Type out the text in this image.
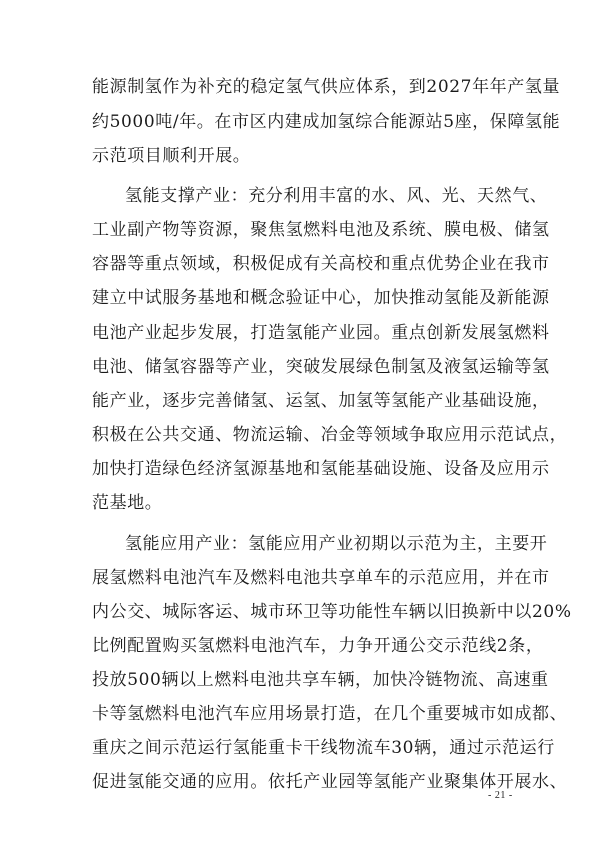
能源制氢作为补充的稳定氢气供应体系，到2027年年产氢量
约5000吨/年。在市区内建成加氢综合能源站5座，保障氢能
示范项目顺利开展。
氢能支撑产业：充分利用丰富的水、风、光、天然气、
工业副产物等资源，聚焦氢燃料电池及系统、膜电极、储氢
容器等重点领域，积极促成有关高校和重点优势企业在我市
建立中试服务基地和概念验证中心，加快推动氢能及新能源
电池产业起步发展，打造氢能产业园。重点创新发展氢燃料
电池、储氢容器等产业，突破发展绿色制氢及液氢运输等氢
能产业，逐步完善储氢、运氢、加氢等氢能产业基础设施，
积极在公共交通、物流运输、冶金等领域争取应用示范试点，
加快打造绿色经济氢源基地和氢能基础设施、设备及应用示
范基地。
氢能应用产业：氢能应用产业初期以示范为主，主要开
展氢燃料电池汽车及燃料电池共享单车的示范应用，并在市
内公交、城际客运、城市环卫等功能性车辆以旧换新中以20%
比例配置购买氢燃料电池汽车，力争开通公交示范线2条，
投放500辆以上燃料电池共享车辆，加快冷链物流、高速重
卡等氢燃料电池汽车应用场景打造，在几个重要城市如成都、
重庆之间示范运行氢能重卡干线物流车30辆，通过示范运行
促进氢能交通的应用。依托产业园等氢能产业聚集体开展水、
- 21 -
